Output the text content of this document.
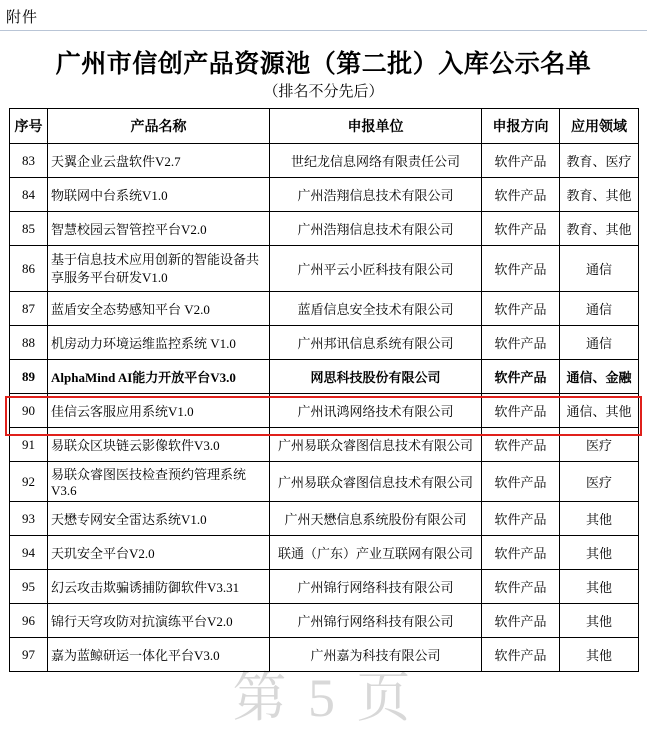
附件
广州市信创产品资源池（第二批）入库公示名单
（排名不分先后）
第 5 页
序号	产品名称	申报单位	申报方向	应用领域
83	天翼企业云盘软件V2.7	世纪龙信息网络有限责任公司	软件产品	教育、医疗
84	物联网中台系统V1.0	广州浩翔信息技术有限公司	软件产品	教育、其他
85	智慧校园云智管控平台V2.0	广州浩翔信息技术有限公司	软件产品	教育、其他
86	基于信息技术应用创新的智能设备共享服务平台研发V1.0	广州平云小匠科技有限公司	软件产品	通信
87	蓝盾安全态势感知平台 V2.0	蓝盾信息安全技术有限公司	软件产品	通信
88	机房动力环境运维监控系统 V1.0	广州邦讯信息系统有限公司	软件产品	通信
89	AlphaMind AI能力开放平台V3.0	网思科技股份有限公司	软件产品	通信、金融
90	佳信云客服应用系统V1.0	广州讯鸿网络技术有限公司	软件产品	通信、其他
91	易联众区块链云影像软件V3.0	广州易联众睿图信息技术有限公司	软件产品	医疗
92	易联众睿图医技检查预约管理系统V3.6	广州易联众睿图信息技术有限公司	软件产品	医疗
93	天懋专网安全雷达系统V1.0	广州天懋信息系统股份有限公司	软件产品	其他
94	天玑安全平台V2.0	联通（广东）产业互联网有限公司	软件产品	其他
95	幻云攻击欺骗诱捕防御软件V3.31	广州锦行网络科技有限公司	软件产品	其他
96	锦行天穹攻防对抗演练平台V2.0	广州锦行网络科技有限公司	软件产品	其他
97	嘉为蓝鲸研运一体化平台V3.0	广州嘉为科技有限公司	软件产品	其他
